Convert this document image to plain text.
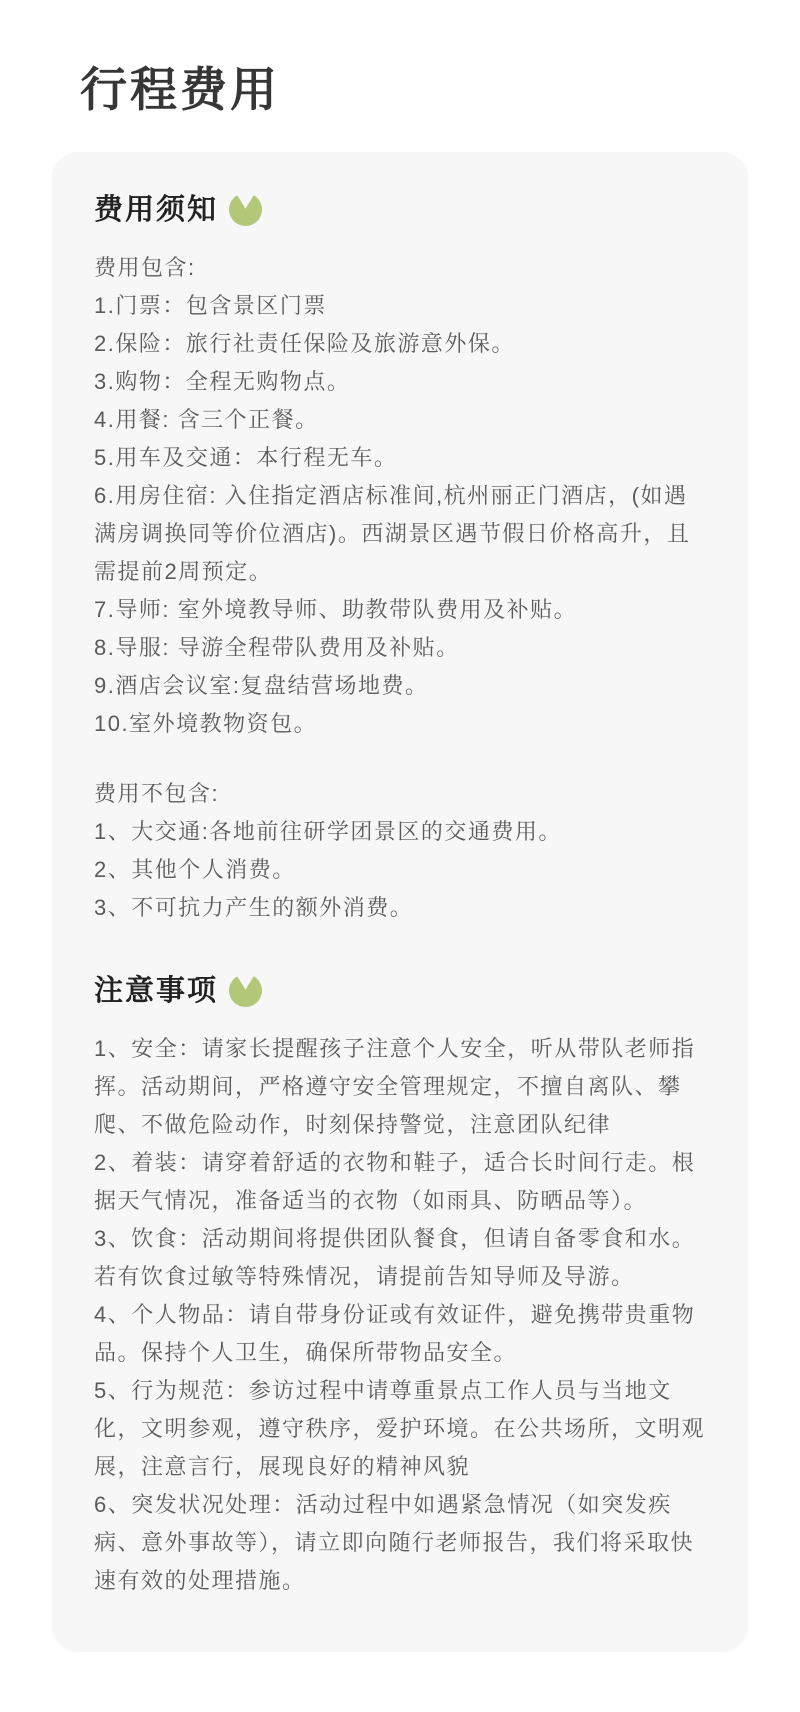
行程费用
费用须知

费用包含:

1.门票：包含景区门票

2.保险：旅行社责任保险及旅游意外保。

3.购物：全程无购物点。

4.用餐: 含三个正餐。

5.用车及交通：本行程无车。

6.用房住宿: 入住指定酒店标准间,杭州丽正门酒店，(如遇满房调换同等价位酒店)。西湖景区遇节假日价格高升，且需提前2周预定。

7.导师: 室外境教导师、助教带队费用及补贴。

8.导服: 导游全程带队费用及补贴。

9.酒店会议室:复盘结营场地费。

10.室外境教物资包。

费用不包含:

1、大交通:各地前往研学团景区的交通费用。

2、其他个人消费。

3、不可抗力产生的额外消费。

注意事项

1、安全：请家长提醒孩子注意个人安全，听从带队老师指挥。活动期间，严格遵守安全管理规定，不擅自离队、攀爬、不做危险动作，时刻保持警觉，注意团队纪律

2、着装：请穿着舒适的衣物和鞋子，适合长时间行走。根据天气情况，准备适当的衣物（如雨具、防晒品等）。

3、饮食：活动期间将提供团队餐食，但请自备零食和水。若有饮食过敏等特殊情况，请提前告知导师及导游。

4、个人物品：请自带身份证或有效证件，避免携带贵重物品。保持个人卫生，确保所带物品安全。

5、行为规范：参访过程中请尊重景点工作人员与当地文化，文明参观，遵守秩序，爱护环境。在公共场所，文明观展，注意言行，展现良好的精神风貌

6、突发状况处理：活动过程中如遇紧急情况（如突发疾病、意外事故等），请立即向随行老师报告，我们将采取快速有效的处理措施。
